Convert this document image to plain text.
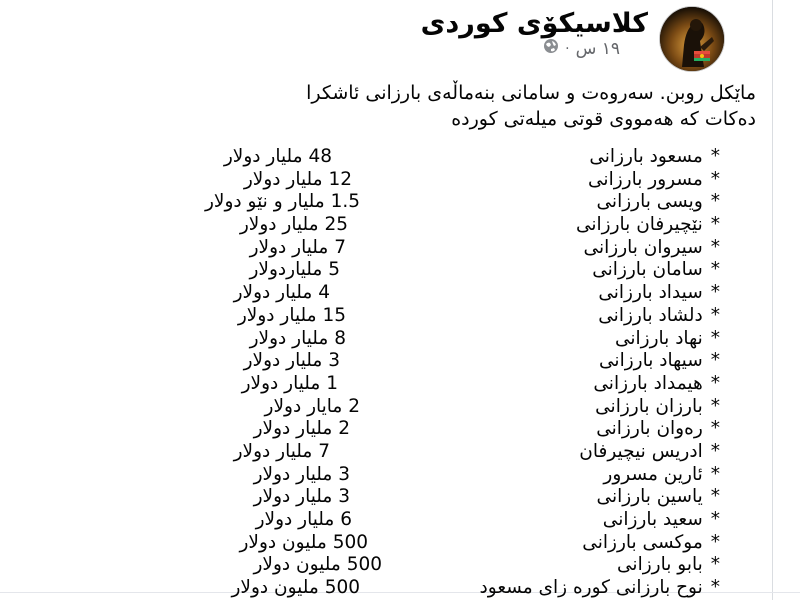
کلاسیکۆی کوردی
· ١٩ س
ماێکل روبن. سەروەت و سامانی بنەماڵەی بارزانی ئاشکرا
دەکات کە هەمووی قوتی میلەتی کوردە
*مسعود بارزانی
48 ملیار دولار
*مسرور بارزانی
12 ملیار دولار
*ویسی بارزانی
1.5 ملیار و نێو دولار
*نێچیرفان بارزانی
25 ملیار دولار
*سیروان بارزانی
7 ملیار دولار
*سامان بارزانی
5 ملیاردولار
*سیداد بارزانی
4 ملیار دولار
*دلشاد بارزانی
15 ملیار دولار
*نهاد بارزانی
8 ملیار دولار
*سیهاد بارزانی
3 ملیار دولار
*هیمداد بارزانی
1 ملیار دولار
*بارزان بارزانی
2 مایار دولار
*رەوان بارزانی
2 ملیار دولار
*ادریس نیچیرفان
7 ملیار دولار
*ئارین مسرور
3 ملیار دولار
*یاسین بارزانی
3 ملیار دولار
*سعید بارزانی
6 ملیار دولار
*موکسی بارزانی
500 ملیون دولار
*بابو بارزانی
500 ملیون دولار
*نوح بارزانی کورە زای مسعود
500 ملیون دولار
